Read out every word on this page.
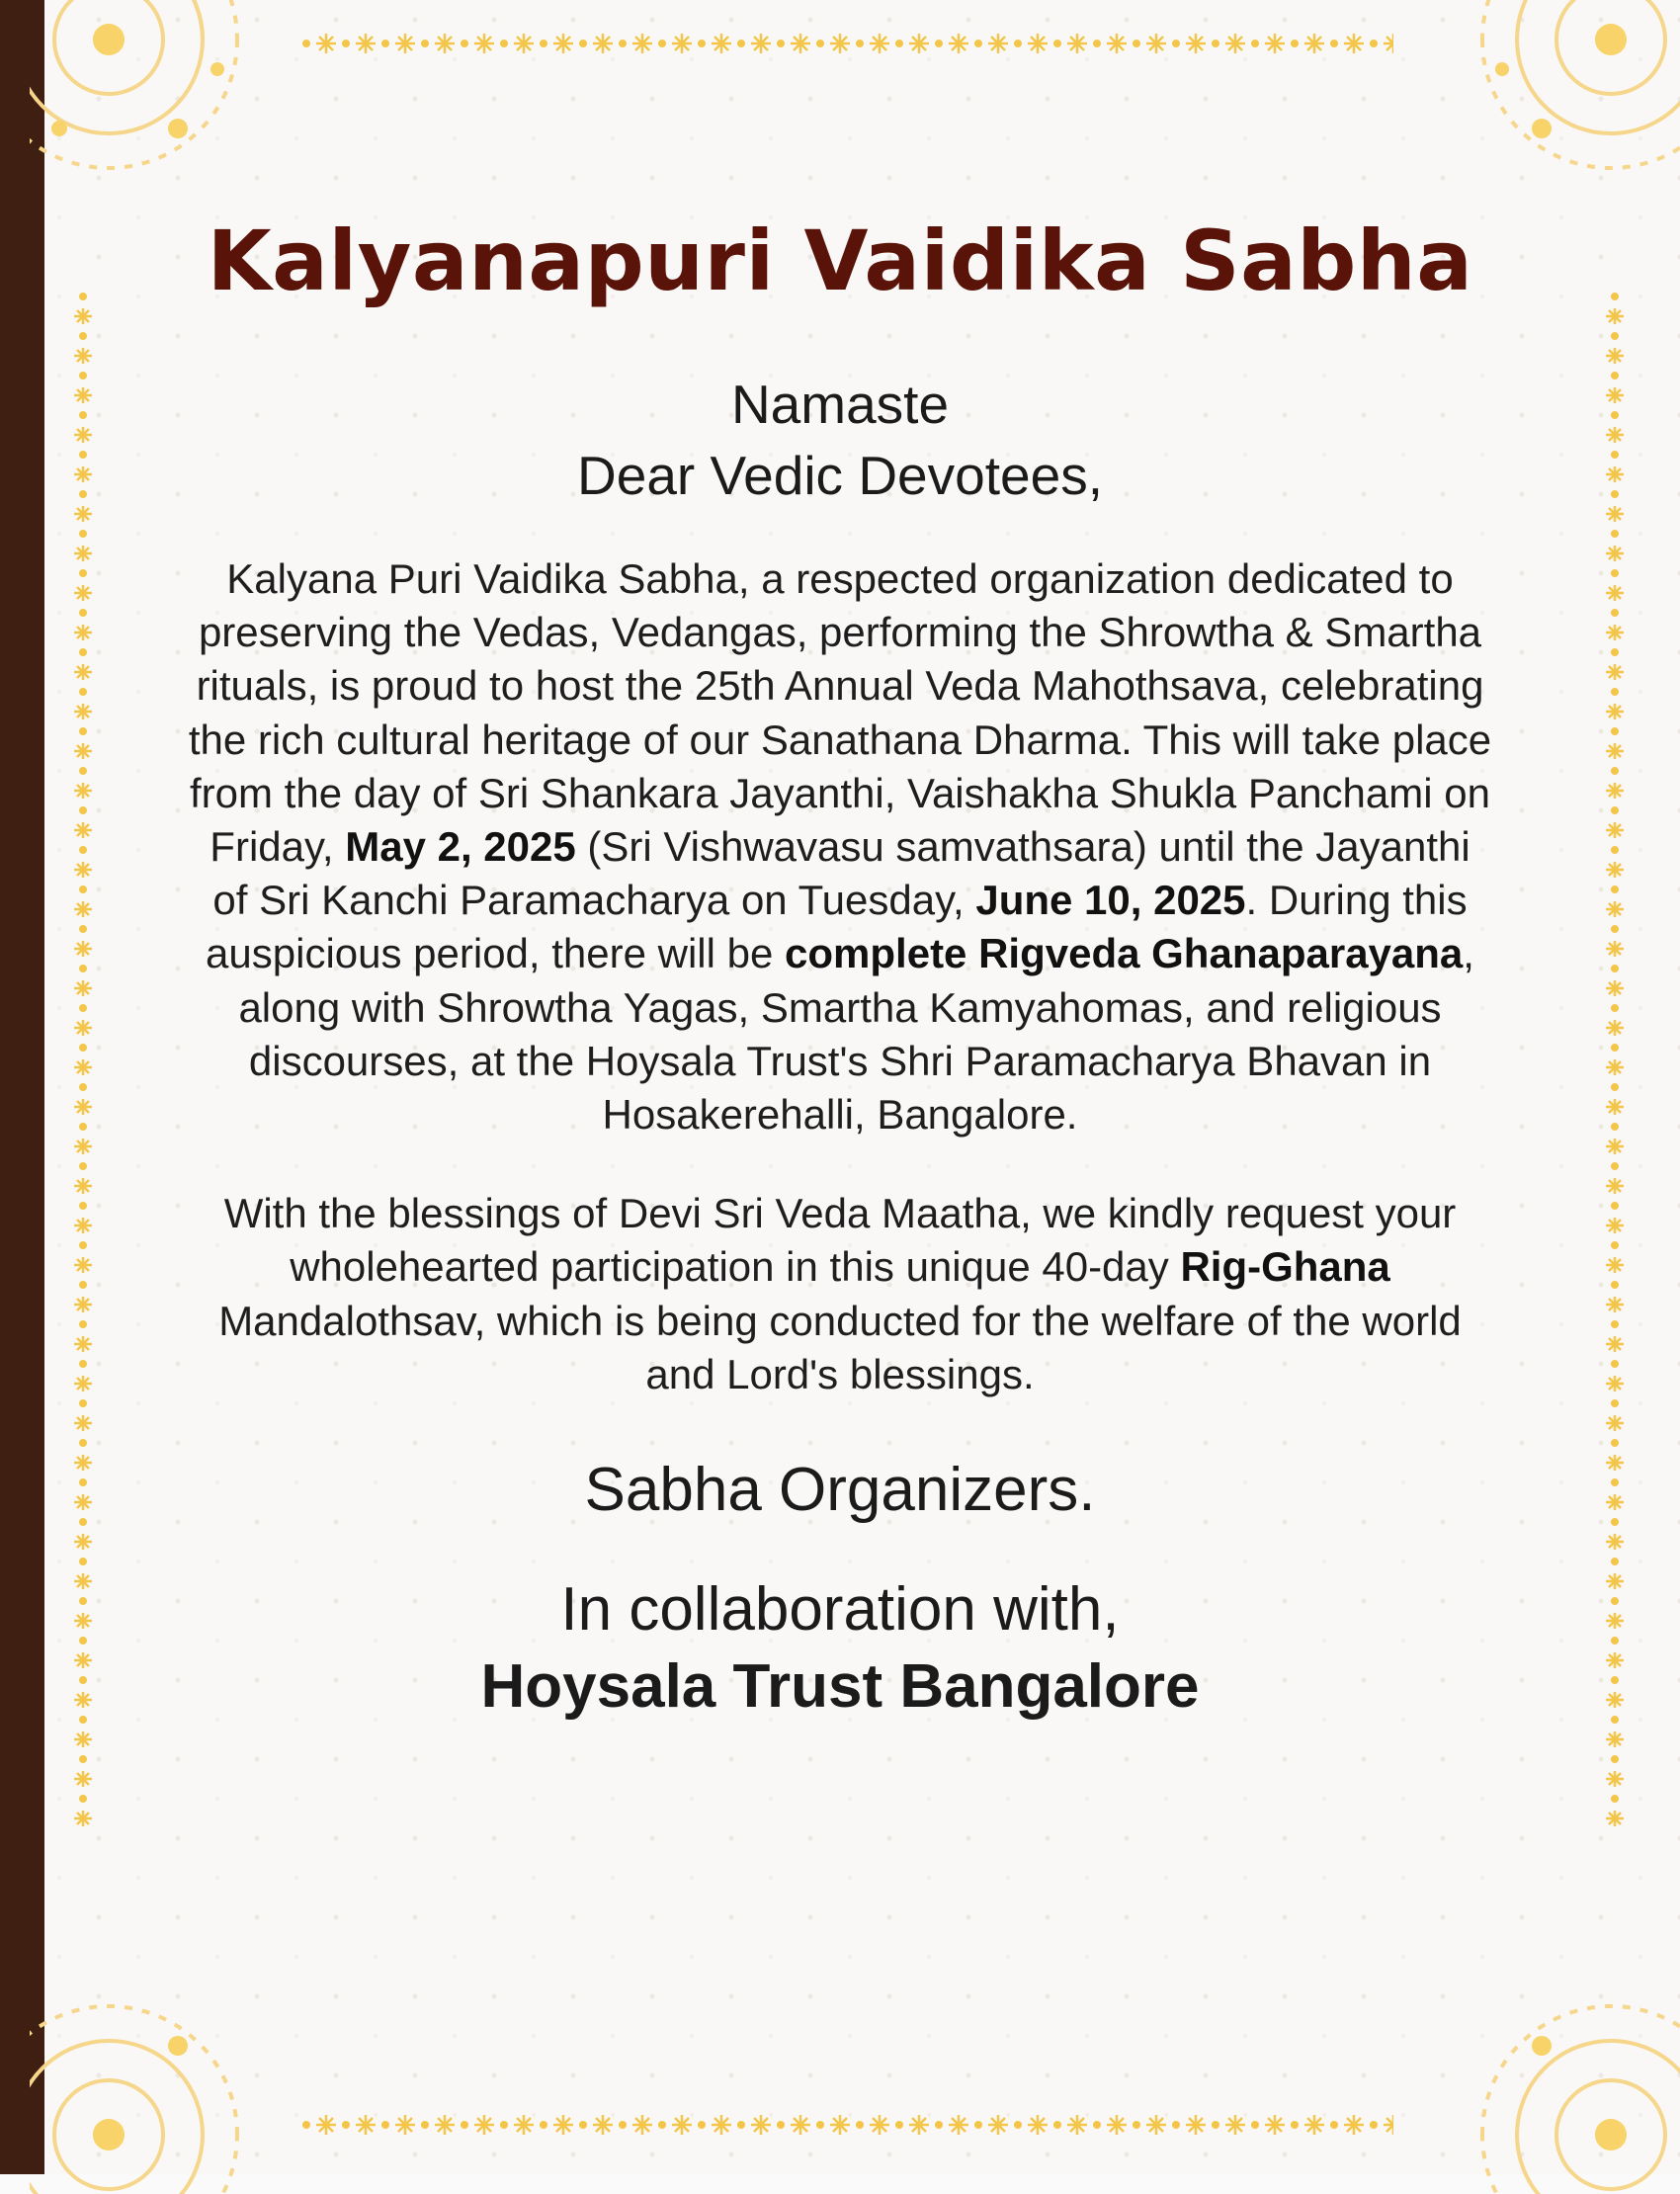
Kalyanapuri Vaidika Sabha
Namaste
Dear Vedic Devotees,

Kalyana Puri Vaidika Sabha, a respected organization dedicated to preserving the Vedas, Vedangas, performing the Shrowtha & Smartha rituals, is proud to host the 25th Annual Veda Mahothsava, celebrating the rich cultural heritage of our Sanathana Dharma. This will take place from the day of Sri Shankara Jayanthi, Vaishakha Shukla Panchami on Friday, May 2, 2025 (Sri Vishwavasu samvathsara) until the Jayanthi of Sri Kanchi Paramacharya on Tuesday, June 10, 2025. During this auspicious period, there will be complete Rigveda Ghanaparayana, along with Shrowtha Yagas, Smartha Kamyahomas, and religious discourses, at the Hoysala Trust's Shri Paramacharya Bhavan in Hosakerehalli, Bangalore.

With the blessings of Devi Sri Veda Maatha, we kindly request your wholehearted participation in this unique 40-day Rig-Ghana Mandalothsav, which is being conducted for the welfare of the world and Lord's blessings.

Sabha Organizers.
In collaboration with,
Hoysala Trust Bangalore
